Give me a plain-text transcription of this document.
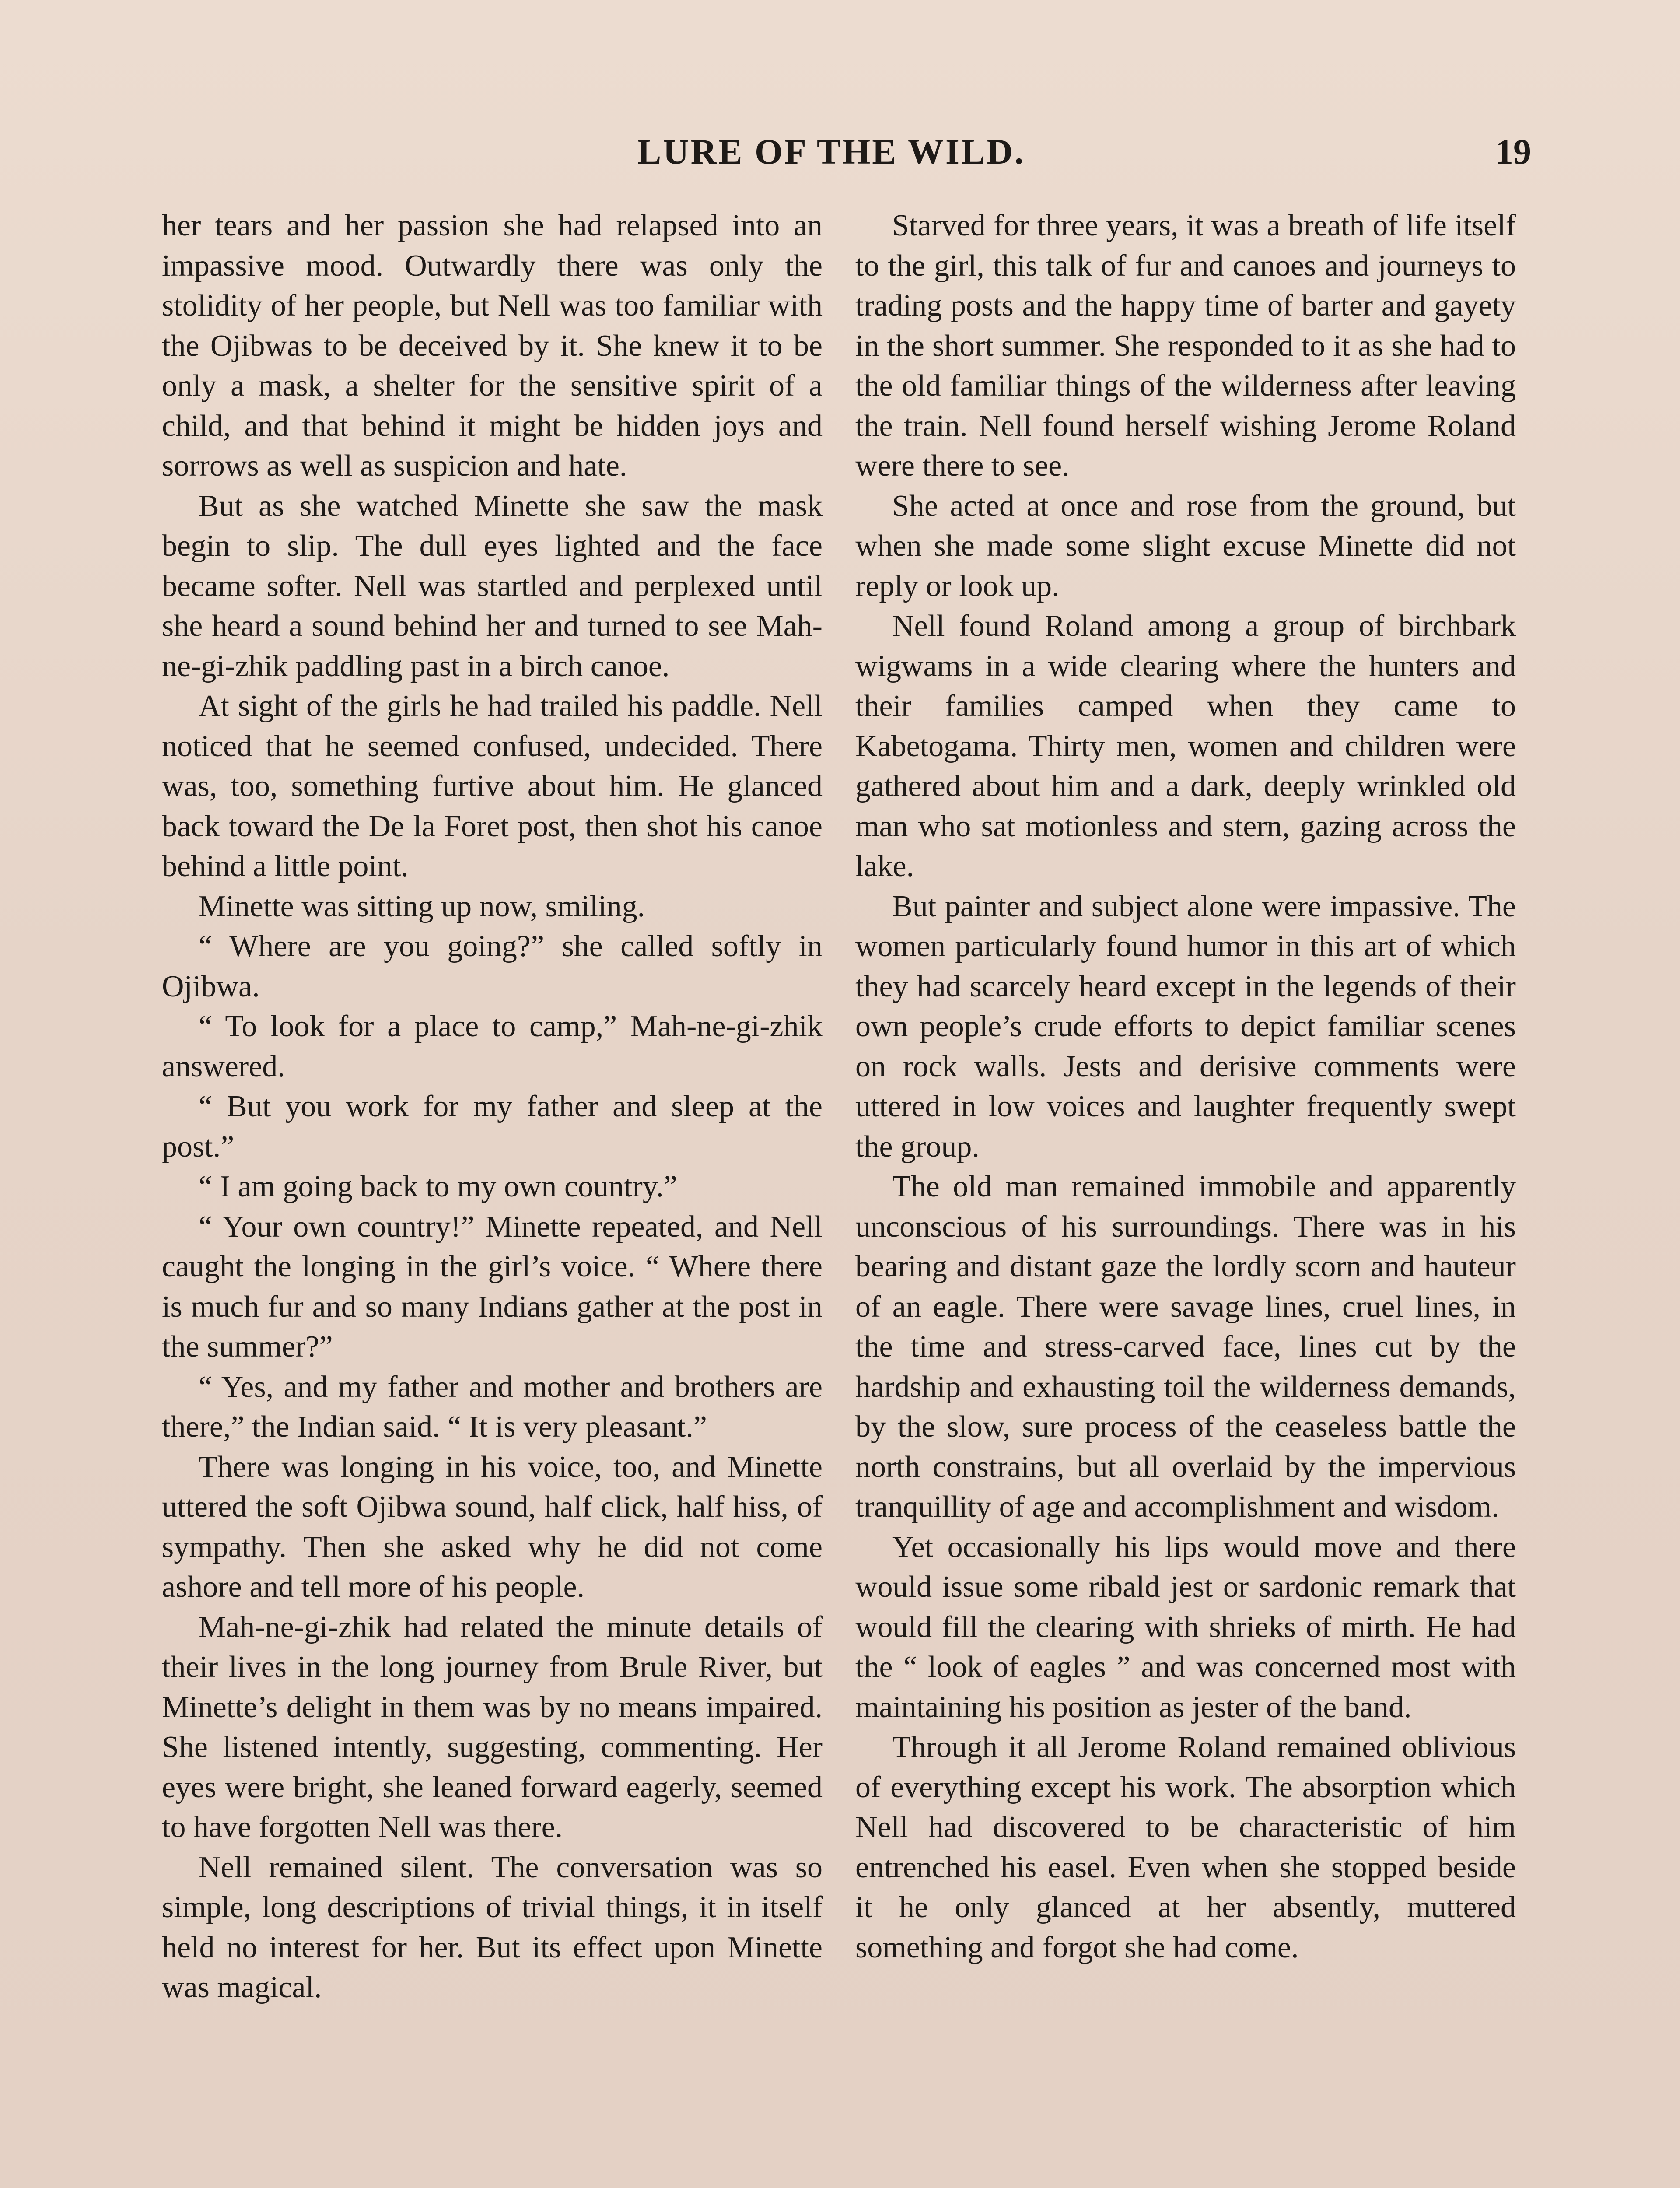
LURE OF THE WILD.	19

her tears and her passion she had relapsed into an impassive mood. Outwardly there was only the stolidity of her people, but Nell was too familiar with the Ojibwas to be deceived by it. She knew it to be only a mask, a shelter for the sensitive spirit of a child, and that behind it might be hidden joys and sorrows as well as suspicion and hate.

But as she watched Minette she saw the mask begin to slip. The dull eyes lighted and the face became softer. Nell was startled and perplexed until she heard a sound behind her and turned to see Mah-ne-gi-zhik paddling past in a birch canoe.

At sight of the girls he had trailed his paddle. Nell noticed that he seemed confused, undecided. There was, too, something furtive about him. He glanced back toward the De la Foret post, then shot his canoe behind a little point.

Minette was sitting up now, smiling.

“ Where are you going?” she called softly in Ojibwa.

“ To look for a place to camp,” Mah-ne-gi-zhik answered.

“ But you work for my father and sleep at the post.”

“ I am going back to my own country.”

“ Your own country!” Minette repeated, and Nell caught the longing in the girl’s voice. “ Where there is much fur and so many Indians gather at the post in the summer?”

“ Yes, and my father and mother and brothers are there,” the Indian said. “ It is very pleasant.”

There was longing in his voice, too, and Minette uttered the soft Ojibwa sound, half click, half hiss, of sympathy. Then she asked why he did not come ashore and tell more of his people.

Mah-ne-gi-zhik had related the minute details of their lives in the long journey from Brule River, but Minette’s delight in them was by no means impaired. She listened intently, suggesting, commenting. Her eyes were bright, she leaned forward eagerly, seemed to have forgotten Nell was there.

Nell remained silent. The conversation was so simple, long descriptions of trivial things, it in itself held no interest for her. But its effect upon Minette was magical.

Starved for three years, it was a breath of life itself to the girl, this talk of fur and canoes and journeys to trading posts and the happy time of barter and gayety in the short summer. She responded to it as she had to the old familiar things of the wilderness after leaving the train. Nell found herself wishing Jerome Roland were there to see.

She acted at once and rose from the ground, but when she made some slight excuse Minette did not reply or look up.

Nell found Roland among a group of birchbark wigwams in a wide clearing where the hunters and their families camped when they came to Kabetogama. Thirty men, women and children were gathered about him and a dark, deeply wrinkled old man who sat motionless and stern, gazing across the lake.

But painter and subject alone were impassive. The women particularly found humor in this art of which they had scarcely heard except in the legends of their own people’s crude efforts to depict familiar scenes on rock walls. Jests and derisive comments were uttered in low voices and laughter frequently swept the group.

The old man remained immobile and apparently unconscious of his surroundings. There was in his bearing and distant gaze the lordly scorn and hauteur of an eagle. There were savage lines, cruel lines, in the time and stress-carved face, lines cut by the hardship and exhausting toil the wilderness demands, by the slow, sure process of the ceaseless battle the north constrains, but all overlaid by the impervious tranquillity of age and accomplishment and wisdom.

Yet occasionally his lips would move and there would issue some ribald jest or sardonic remark that would fill the clearing with shrieks of mirth. He had the “ look of eagles ” and was concerned most with maintaining his position as jester of the band.

Through it all Jerome Roland remained oblivious of everything except his work. The absorption which Nell had discovered to be characteristic of him entrenched his easel. Even when she stopped beside it he only glanced at her absently, muttered something and forgot she had come.
